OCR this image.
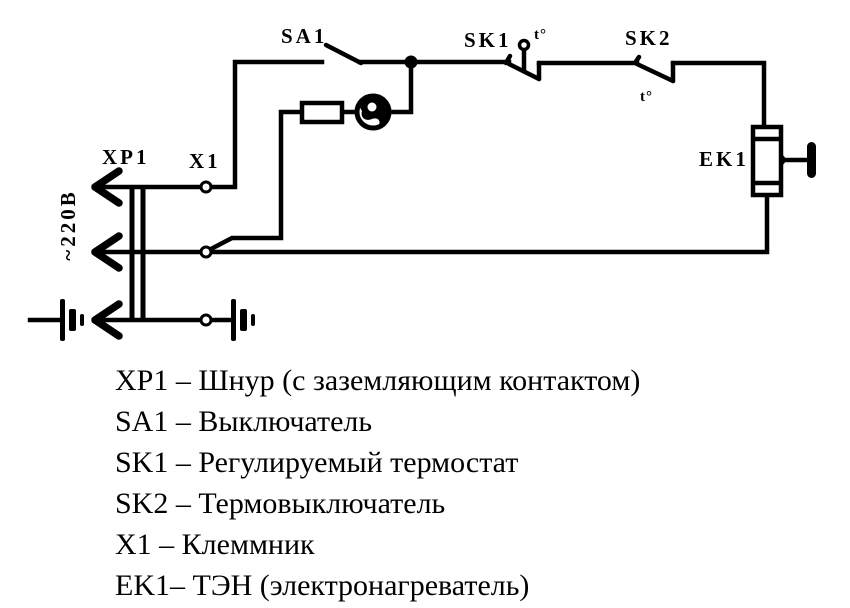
~220В
XP1 X1
SA1	SK1 t°	SK2
t°
EK1
XP1 – Шнур (с заземляющим контактом)
SA1 – Выключатель
SK1 – Регулируемый термостат
SK2 – Термовыключатель
X1 – Клеммник
EK1– ТЭН (электронагреватель)
